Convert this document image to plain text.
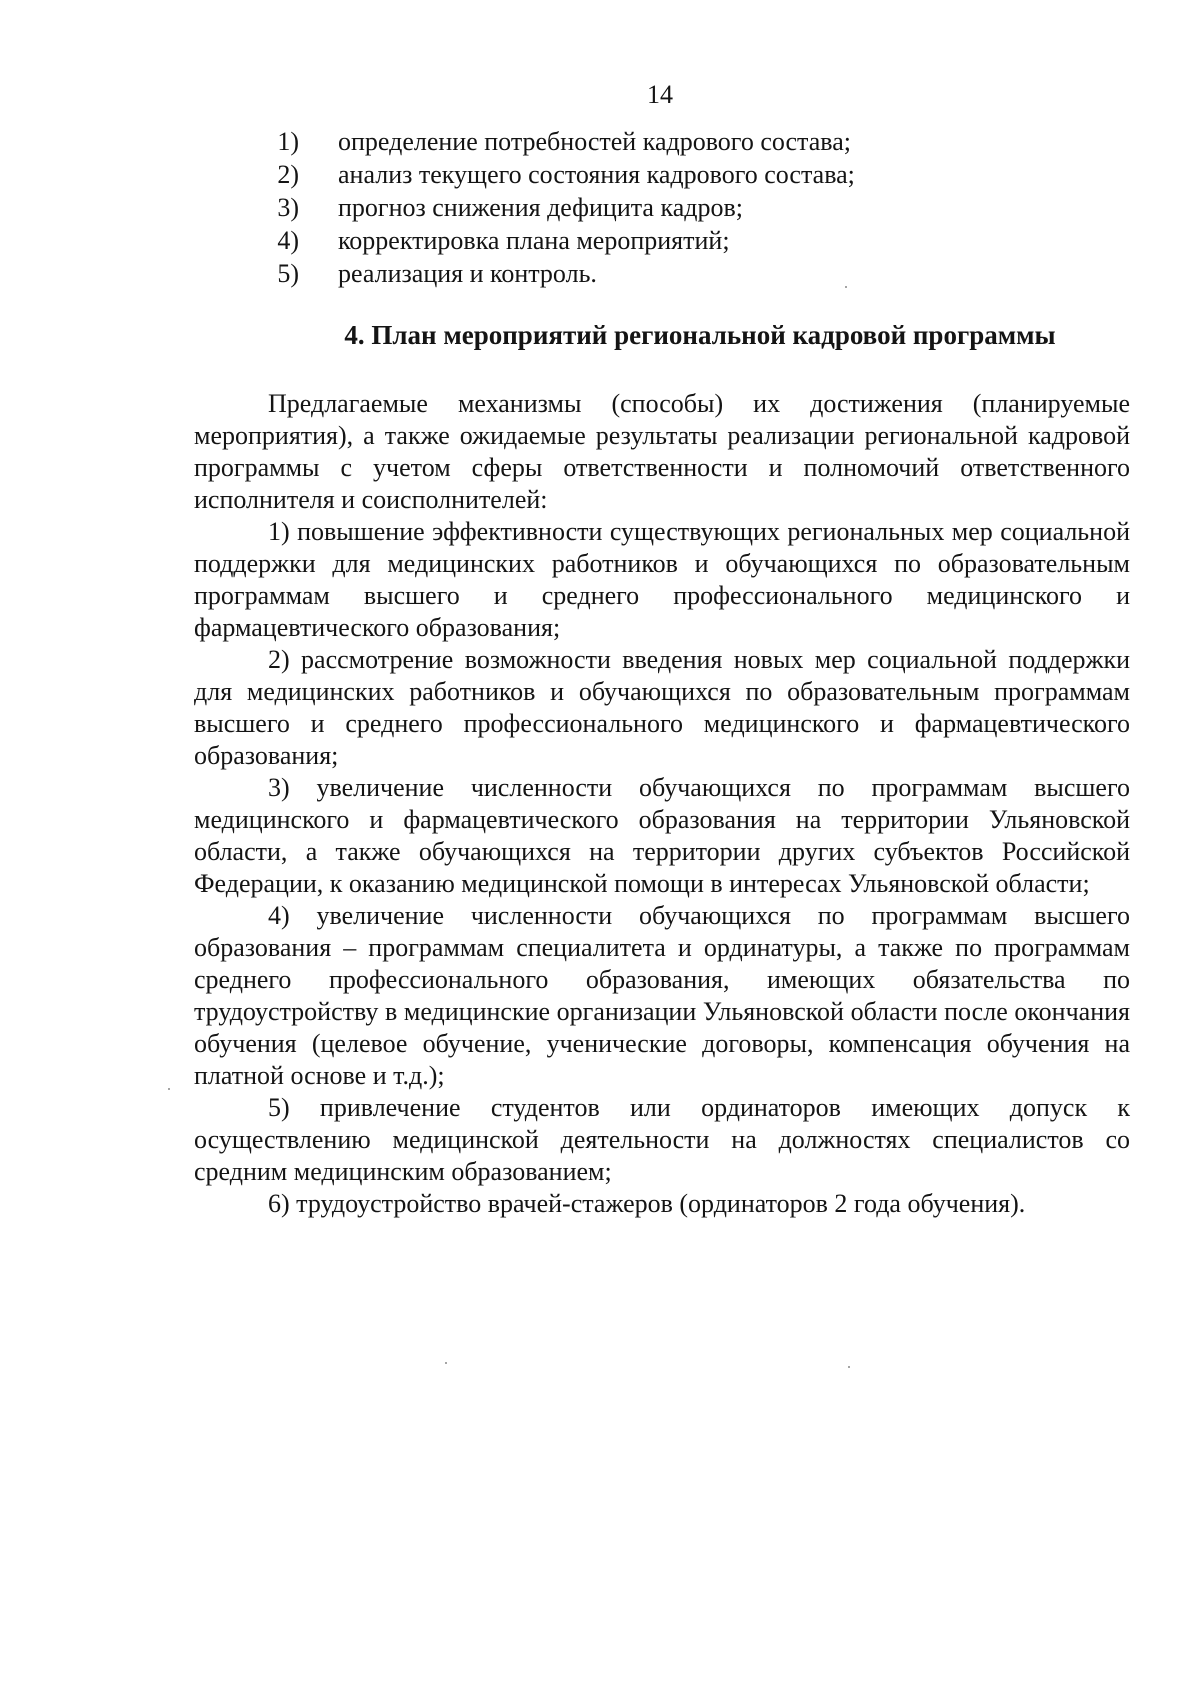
14
1) определение потребностей кадрового состава;
2) анализ текущего состояния кадрового состава;
3) прогноз снижения дефицита кадров;
4) корректировка плана мероприятий;
5) реализация и контроль.
4. План мероприятий региональной кадровой программы

Предлагаемые механизмы (способы) их достижения (планируемые мероприятия), а также ожидаемые результаты реализации региональной кадровой программы с учетом сферы ответственности и полномочий ответственного исполнителя и соисполнителей:

1) повышение эффективности существующих региональных мер социальной поддержки для медицинских работников и обучающихся по образовательным программам высшего и среднего профессионального медицинского и фармацевтического образования;

2) рассмотрение возможности введения новых мер социальной поддержки для медицинских работников и обучающихся по образовательным программам высшего и среднего профессионального медицинского и фармацевтического образования;

3) увеличение численности обучающихся по программам высшего медицинского и фармацевтического образования на территории Ульяновской области, а также обучающихся на территории других субъектов Российской Федерации, к оказанию медицинской помощи в интересах Ульяновской области;

4) увеличение численности обучающихся по программам высшего образования – программам специалитета и ординатуры, а также по программам среднего профессионального образования, имеющих обязательства по трудоустройству в медицинские организации Ульяновской области после окончания обучения (целевое обучение, ученические договоры, компенсация обучения на платной основе и т.д.);

5) привлечение студентов или ординаторов имеющих допуск к осуществлению медицинской деятельности на должностях специалистов со средним медицинским образованием;

6) трудоустройство врачей-стажеров (ординаторов 2 года обучения).
